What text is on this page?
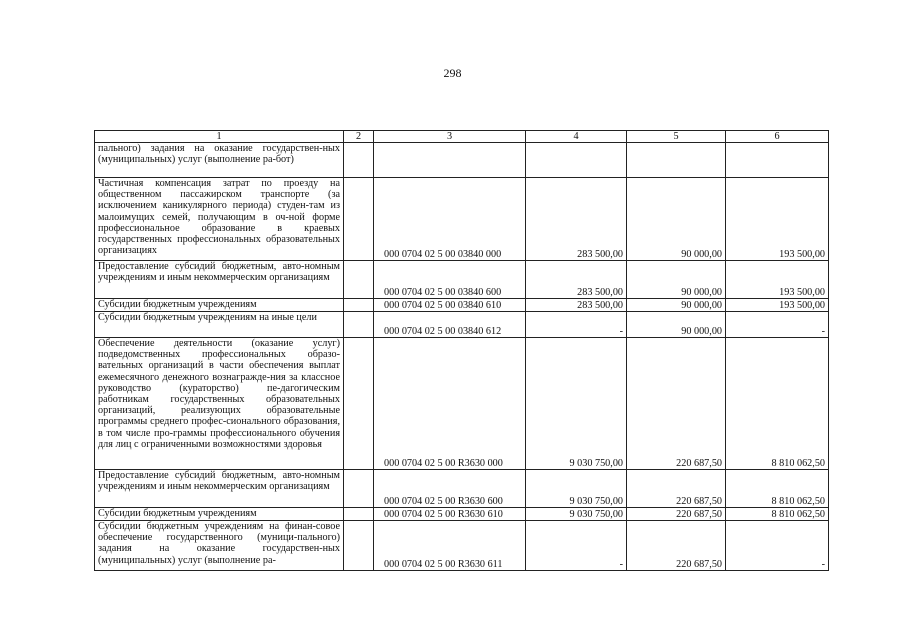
298
1	2	3	4	5	6
пального) задания на оказание государствен-ных (муниципальных) услуг (выполнение ра-бот)					
Частичная компенсация затрат по проезду на общественном пассажирском транспорте (за исключением каникулярного периода) студен-там из малоимущих семей, получающим в оч-ной форме профессиональное образование в краевых государственных профессиональных образовательных организациях		000 0704 02 5 00 03840 000	283 500,00	90 000,00	193 500,00
Предоставление субсидий бюджетным, авто-номным учреждениям и иным некоммерческим организациям		000 0704 02 5 00 03840 600	283 500,00	90 000,00	193 500,00
Субсидии бюджетным учреждениям		000 0704 02 5 00 03840 610	283 500,00	90 000,00	193 500,00
Субсидии бюджетным учреждениям на иные цели		000 0704 02 5 00 03840 612	-	90 000,00	-
Обеспечение деятельности (оказание услуг) подведомственных профессиональных образо-вательных организаций в части обеспечения выплат ежемесячного денежного вознагражде-ния за классное руководство (кураторство) пе-дагогическим работникам государственных образовательных организаций, реализующих образовательные программы среднего профес-сионального образования, в том числе про-граммы профессионального обучения для лиц с ограниченными возможностями здоровья		000 0704 02 5 00 R3630 000	9 030 750,00	220 687,50	8 810 062,50
Предоставление субсидий бюджетным, авто-номным учреждениям и иным некоммерческим организациям		000 0704 02 5 00 R3630 600	9 030 750,00	220 687,50	8 810 062,50
Субсидии бюджетным учреждениям		000 0704 02 5 00 R3630 610	9 030 750,00	220 687,50	8 810 062,50
Субсидии бюджетным учреждениям на финан-совое обеспечение государственного (муници-пального) задания на оказание государствен-ных (муниципальных) услуг (выполнение ра-		000 0704 02 5 00 R3630 611	-	220 687,50	-
